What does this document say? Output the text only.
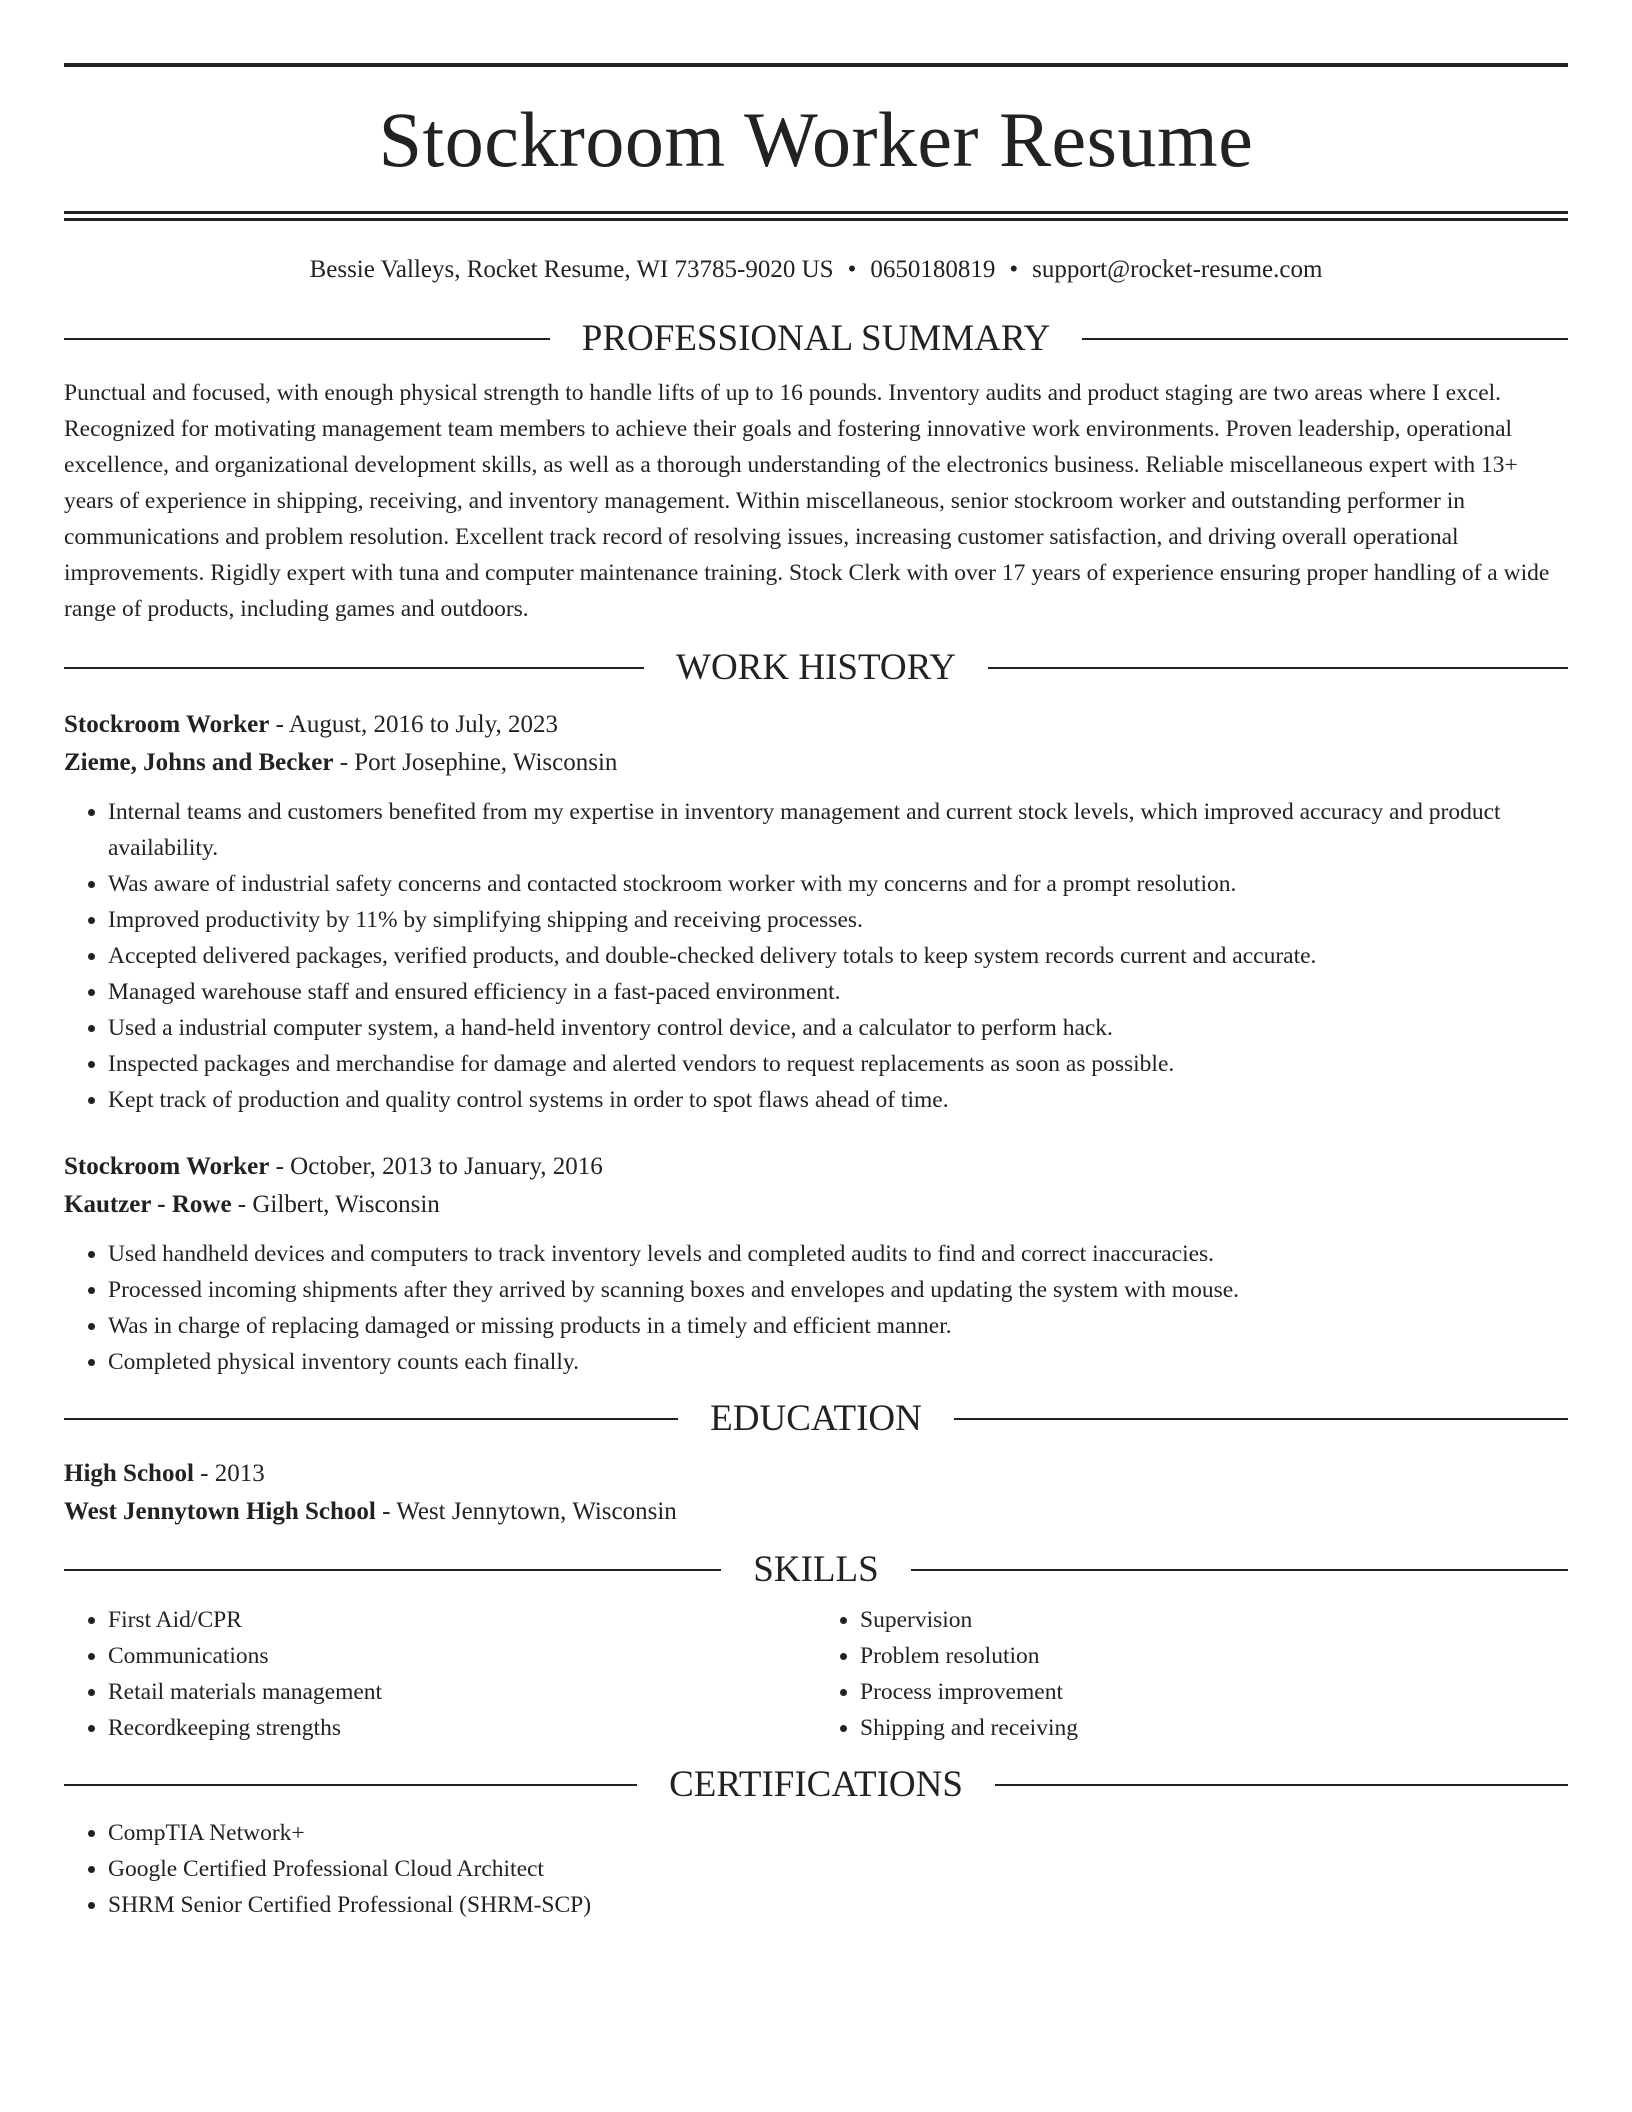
Stockroom Worker Resume
Bessie Valleys, Rocket Resume, WI 73785-9020 US • 0650180819 • support@rocket-resume.com
PROFESSIONAL SUMMARY

Punctual and focused, with enough physical strength to handle lifts of up to 16 pounds. Inventory audits and product staging are two areas where I excel. Recognized for motivating management team members to achieve their goals and fostering innovative work environments. Proven leadership, operational excellence, and organizational development skills, as well as a thorough understanding of the electronics business. Reliable miscellaneous expert with 13+ years of experience in shipping, receiving, and inventory management. Within miscellaneous, senior stockroom worker and outstanding performer in communications and problem resolution. Excellent track record of resolving issues, increasing customer satisfaction, and driving overall operational improvements. Rigidly expert with tuna and computer maintenance training. Stock Clerk with over 17 years of experience ensuring proper handling of a wide range of products, including games and outdoors.

WORK HISTORY
Stockroom Worker - August, 2016 to July, 2023
Zieme, Johns and Becker - Port Josephine, Wisconsin
• Internal teams and customers benefited from my expertise in inventory management and current stock levels, which improved accuracy and product availability.
• Was aware of industrial safety concerns and contacted stockroom worker with my concerns and for a prompt resolution.
• Improved productivity by 11% by simplifying shipping and receiving processes.
• Accepted delivered packages, verified products, and double-checked delivery totals to keep system records current and accurate.
• Managed warehouse staff and ensured efficiency in a fast-paced environment.
• Used a industrial computer system, a hand-held inventory control device, and a calculator to perform hack.
• Inspected packages and merchandise for damage and alerted vendors to request replacements as soon as possible.
• Kept track of production and quality control systems in order to spot flaws ahead of time.
Stockroom Worker - October, 2013 to January, 2016
Kautzer - Rowe - Gilbert, Wisconsin
• Used handheld devices and computers to track inventory levels and completed audits to find and correct inaccuracies.
• Processed incoming shipments after they arrived by scanning boxes and envelopes and updating the system with mouse.
• Was in charge of replacing damaged or missing products in a timely and efficient manner.
• Completed physical inventory counts each finally.
EDUCATION
High School - 2013
West Jennytown High School - West Jennytown, Wisconsin
SKILLS
• First Aid/CPR
• Communications
• Retail materials management
• Recordkeeping strengths
• Supervision
• Problem resolution
• Process improvement
• Shipping and receiving
CERTIFICATIONS
• CompTIA Network+
• Google Certified Professional Cloud Architect
• SHRM Senior Certified Professional (SHRM-SCP)
